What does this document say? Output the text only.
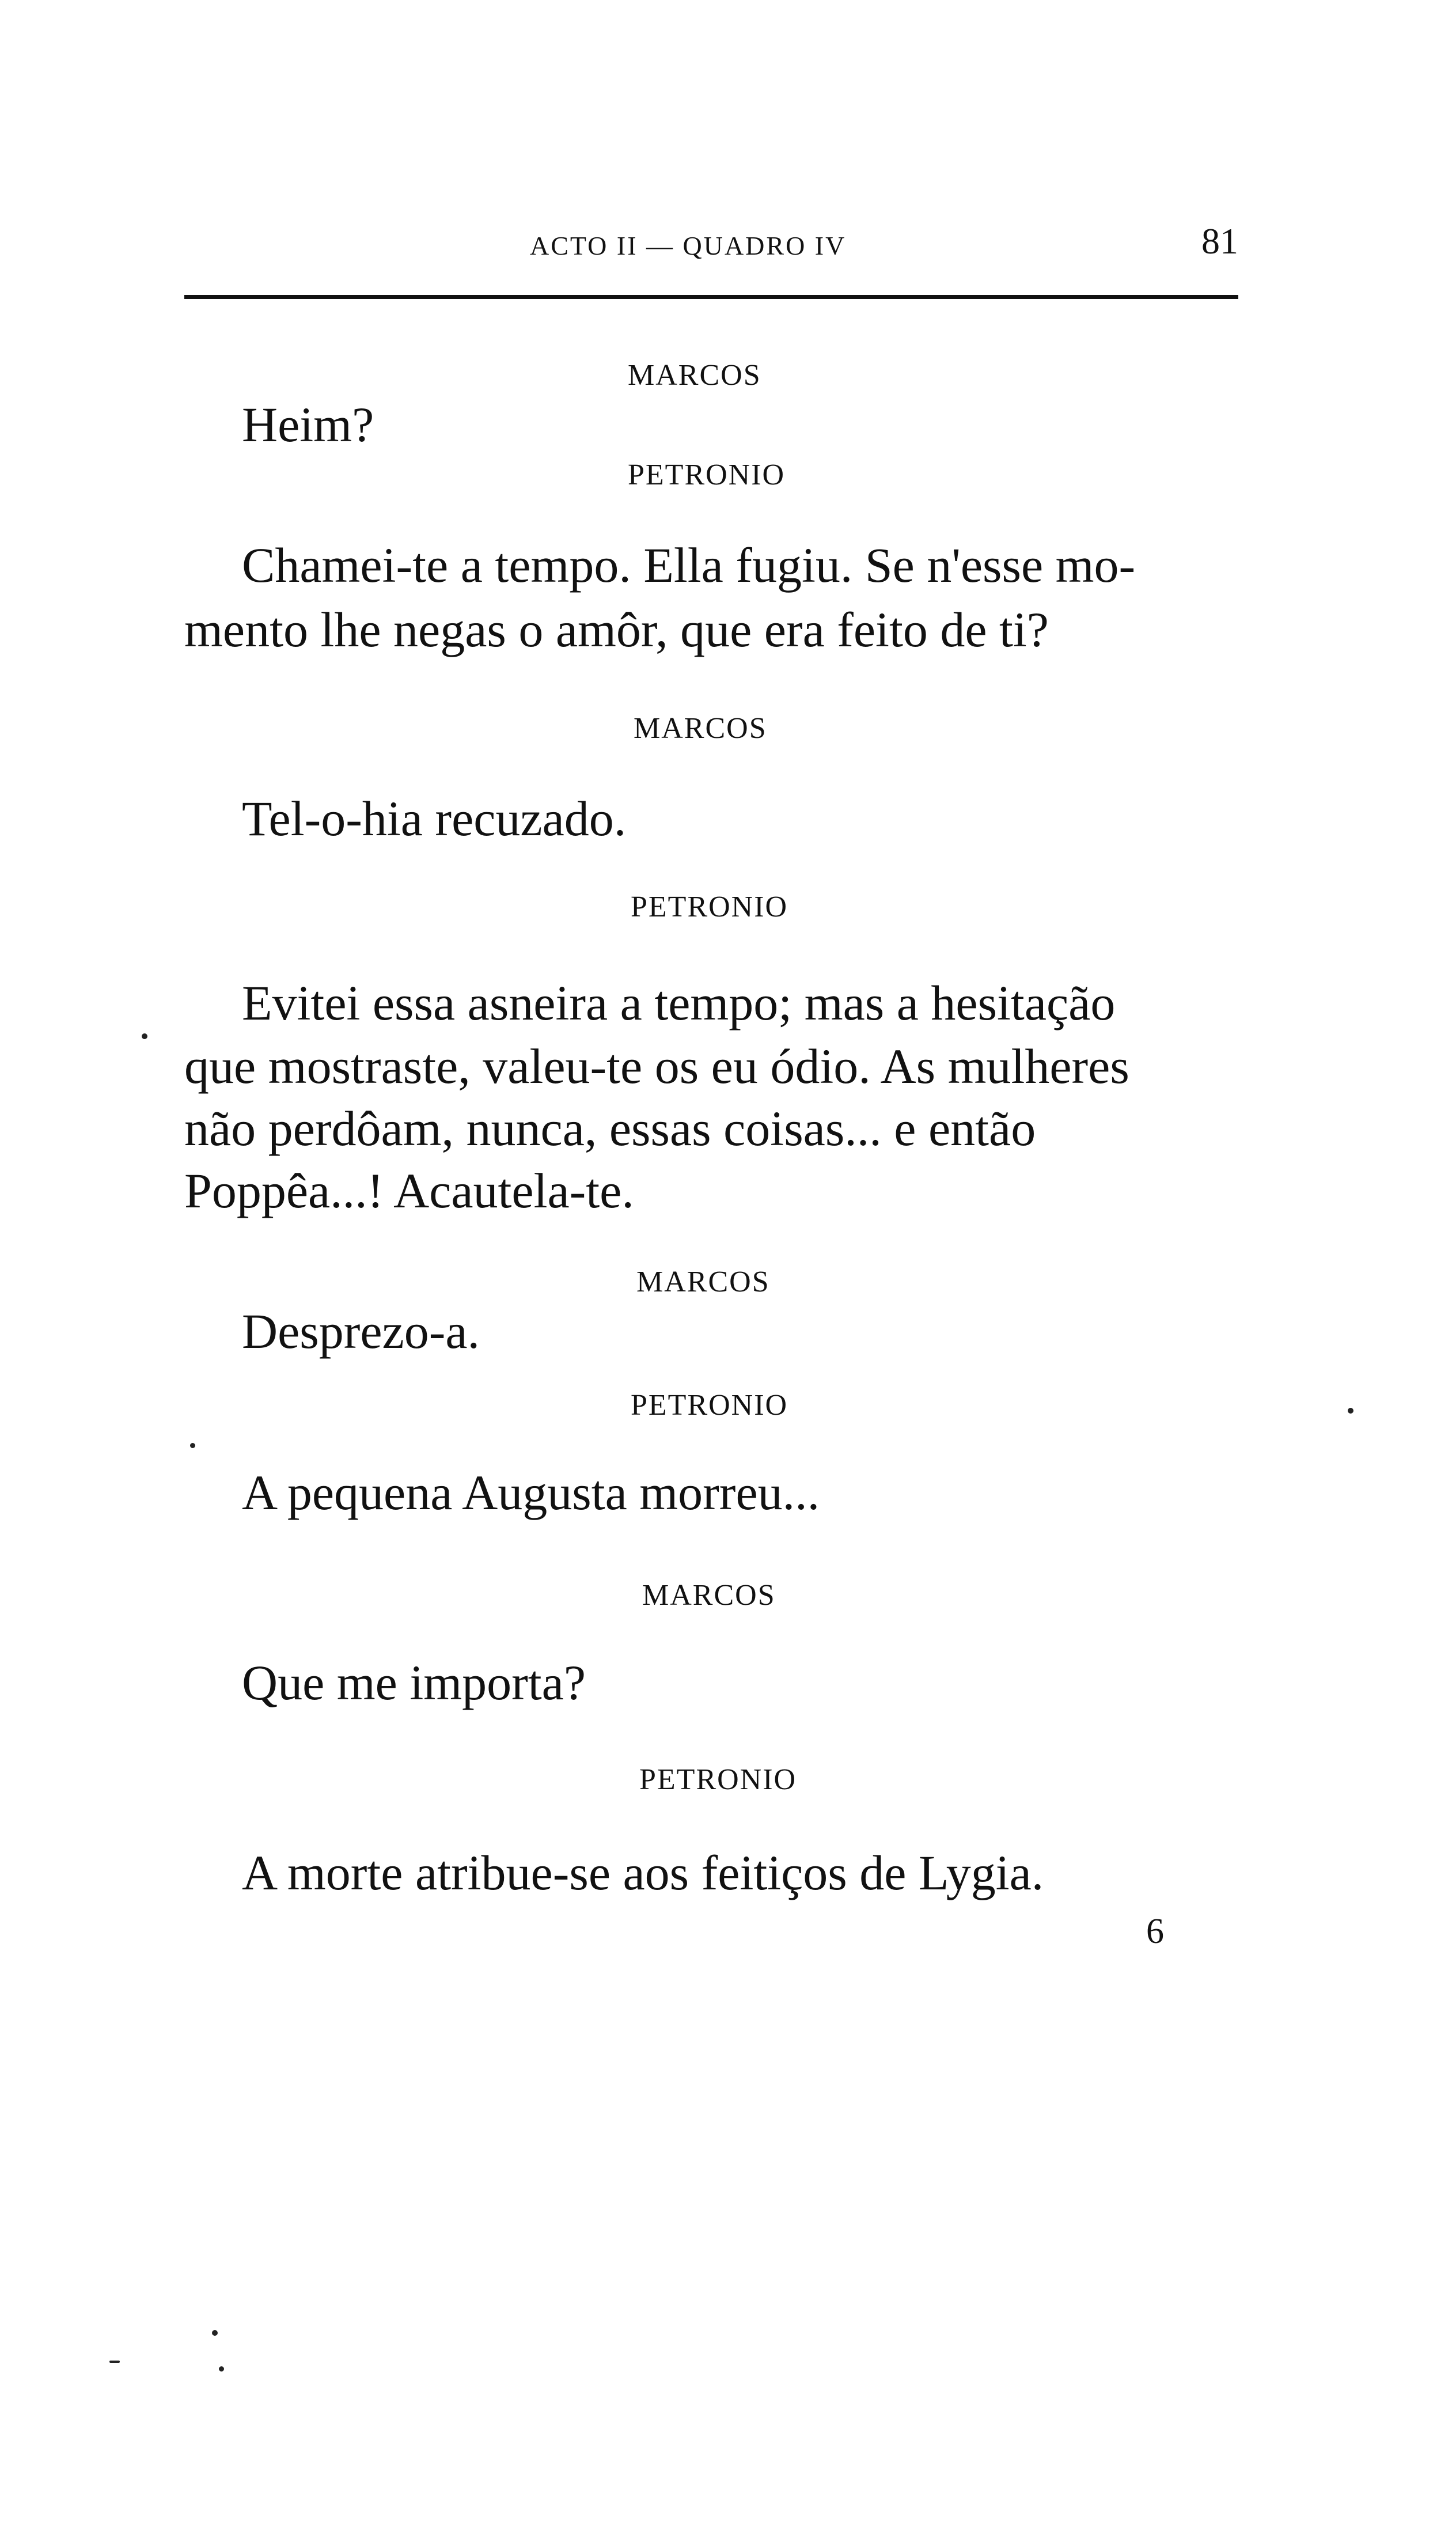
ACTO II — QUADRO IV	81
MARCOS
Heim?
PETRONIO
Chamei-te a tempo. Ella fugiu. Se n'esse mo-
mento lhe negas o amôr, que era feito de ti?
MARCOS
Tel-o-hia recuzado.
PETRONIO
Evitei essa asneira a tempo; mas a hesitação
que mostraste, valeu-te os eu ódio. As mulheres
não perdôam, nunca, essas coisas... e então
Poppêa...! Acautela-te.
MARCOS
Desprezo-a.
PETRONIO
A pequena Augusta morreu...
MARCOS
Que me importa?
PETRONIO
A morte atribue-se aos feitiços de Lygia.
6
